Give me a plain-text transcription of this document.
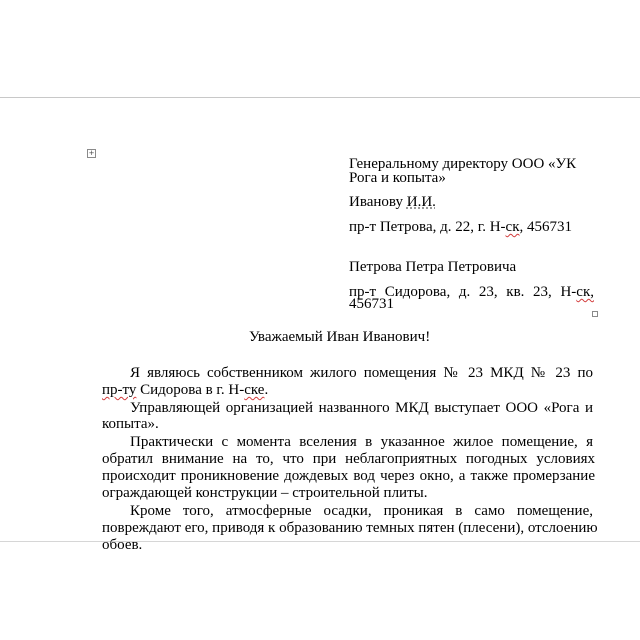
+
Генеральному директору ООО «УК
Рога и копыта»
Иванову И.И.
пр-т Петрова, д. 22, г. Н-ск, 456731
Петрова Петра Петровича
пр-т Сидорова, д. 23, кв. 23, Н-ск,
456731
Уважаемый Иван Иванович!
Я являюсь собственником жилого помещения № 23 МКД № 23 по
пр-ту Сидорова в г. Н-ске.
Управляющей организацией названного МКД выступает ООО «Рога и
копыта».
Практически с момента вселения в указанное жилое помещение, я
обратил внимание на то, что при неблагоприятных погодных условиях
происходит проникновение дождевых вод через окно, а также промерзание
ограждающей конструкции – строительной плиты.
Кроме того, атмосферные осадки, проникая в само помещение,
повреждают его, приводя к образованию темных пятен (плесени), отслоению
обоев.
